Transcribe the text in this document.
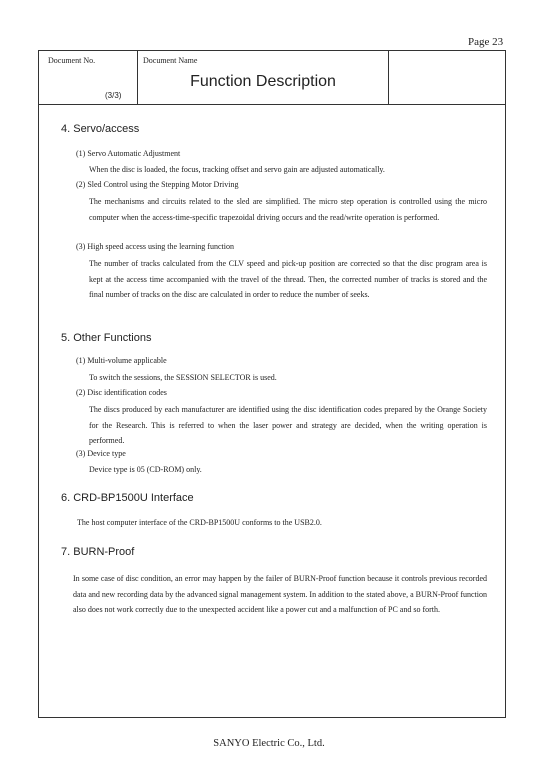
Page 23
Document No.
(3/3)
Document Name
Function Description
4. Servo/access
(1) Servo Automatic Adjustment
When the disc is loaded, the focus, tracking offset and servo gain are adjusted automatically.
(2) Sled Control using the Stepping Motor Driving
The mechanisms and circuits related to the sled are simplified. The micro step operation is controlled using the micro computer when the access-time-specific trapezoidal driving occurs and the read/write operation is performed.
(3) High speed access using the learning function
The number of tracks calculated from the CLV speed and pick-up position are corrected so that the disc program area is kept at the access time accompanied with the travel of the thread. Then, the corrected number of tracks is stored and the final number of tracks on the disc are calculated in order to reduce the number of seeks.
5. Other Functions
(1) Multi-volume applicable
To switch the sessions, the SESSION SELECTOR is used.
(2) Disc identification codes
The discs produced by each manufacturer are identified using the disc identification codes prepared by the Orange Society for the Research. This is referred to when the laser power and strategy are decided, when the writing operation is performed.
(3) Device type
Device type is 05 (CD-ROM) only.
6. CRD-BP1500U Interface
The host computer interface of the CRD-BP1500U conforms to the USB2.0.
7. BURN-Proof
In some case of disc condition, an error may happen by the failer of BURN-Proof function because it controls previous recorded data and new recording data by the advanced signal management system. In addition to the stated above, a BURN-Proof function also does not work correctly due to the unexpected accident like a power cut and a malfunction of PC and so forth.
SANYO Electric Co., Ltd.
